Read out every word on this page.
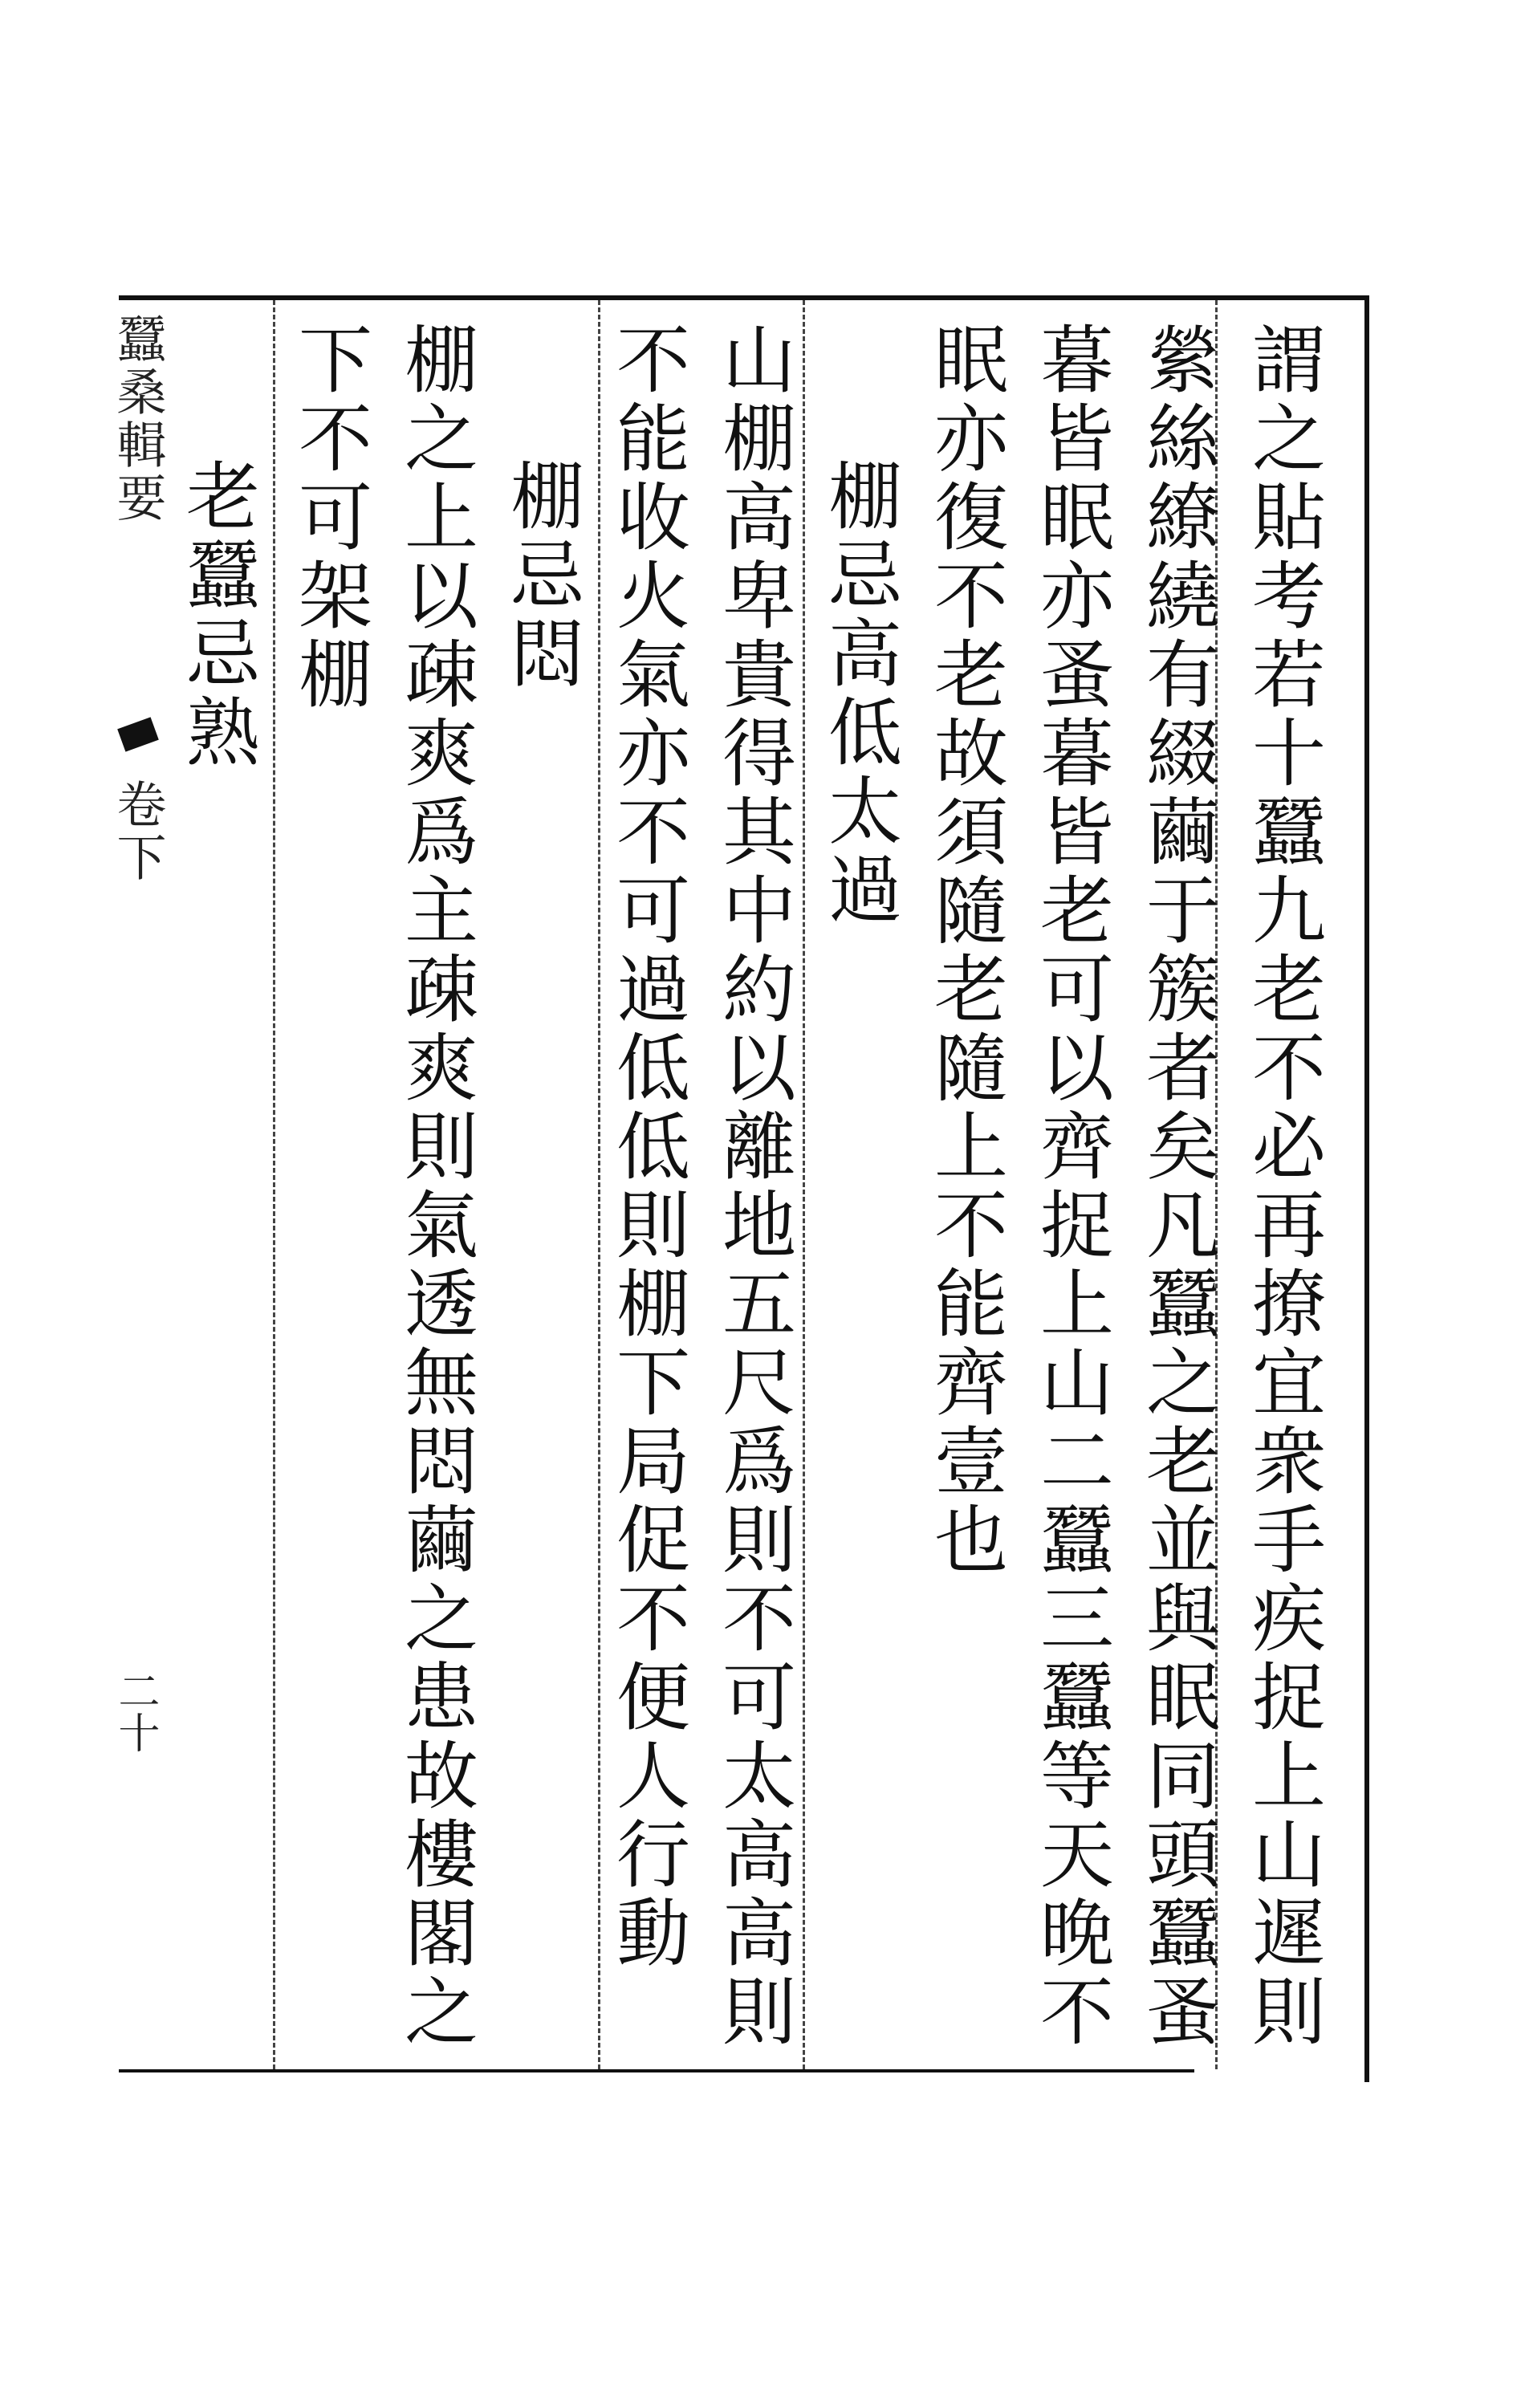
謂之貼考若十蠶九老不必再撩宜衆手疾捉上山遲則
縈絲繚繞有綴繭于簇者矣凡蠶之老並與眠同頭蠶蚤
暮皆眠亦蚤暮皆老可以齊捉上山二蠶三蠶等天晚不
眠亦復不老故須隨老隨上不能齊壹也
棚忌高低太過
山棚高卑貴得其中約以離地五尺爲則不可太高高則
不能收火氣亦不可過低低則棚下局促不便人行動
棚忌悶
棚之上以疎爽爲主疎爽則氣透無悶繭之患故樓閣之
下不可架棚
老蠶忌熟
蠶桑輯要
卷下
二十
